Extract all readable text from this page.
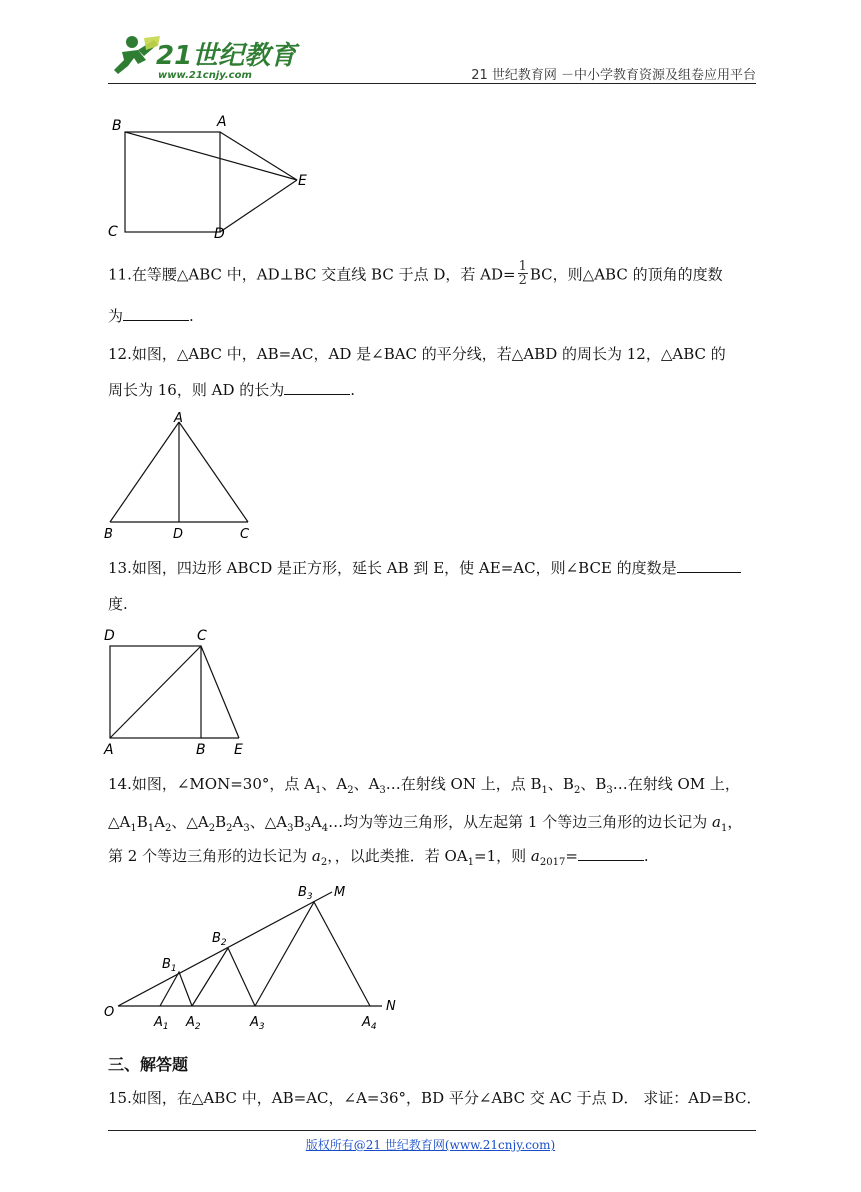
21世纪教育
www.21cnjy.com	21 世纪教育网 －中小学教育资源及组卷应用平台
B	A
E
C	D
11.在等腰△ABC 中，AD⊥BC 交直线 BC 于点 D，若 $AD= \frac{1}{2}$ BC，则△ABC 的顶角的度数
为	.
12.如图，△ABC 中，AB=AC，AD 是∠BAC 的平分线，若△ABD 的周长为 12，△ABC 的
周长为 16，则 AD 的长为	.
A
B	D	C
13.如图，四边形 ABCD 是正方形，延长 AB 到 E，使 AE=AC，则∠BCE 的度数是
度.
D	C
A	B E
14.如图，∠MON=30°，点 $A_1$、$A_2$、$A_3\dots$在射线 ON 上，点 $B_1$、$B_2$、$B_3\dots$在射线 OM 上，
$\triangle A_1B_1A_2$、$\triangle A_2B_2A_3$、$\triangle A_3B_3A_4\dots$均为等边三角形，从左起第 1 个等边三角形的边长记为 $a_1$，
第 2 个等边三角形的边长记为 $a_2$，，以此类推．若 $OA_1=1$，则 $a_{2017}=$	.
$B_1$
$B_2$
$B_3$ M
O
$A_1$ $A_2$	$A_3$	$A_4$
N
三、解答题
15.如图，在△ABC 中，AB=AC，∠A=36°，BD 平分∠ABC 交 AC 于点 D． 求证：AD=BC．
版权所有@21 世纪教育网(www.21cnjy.com)
